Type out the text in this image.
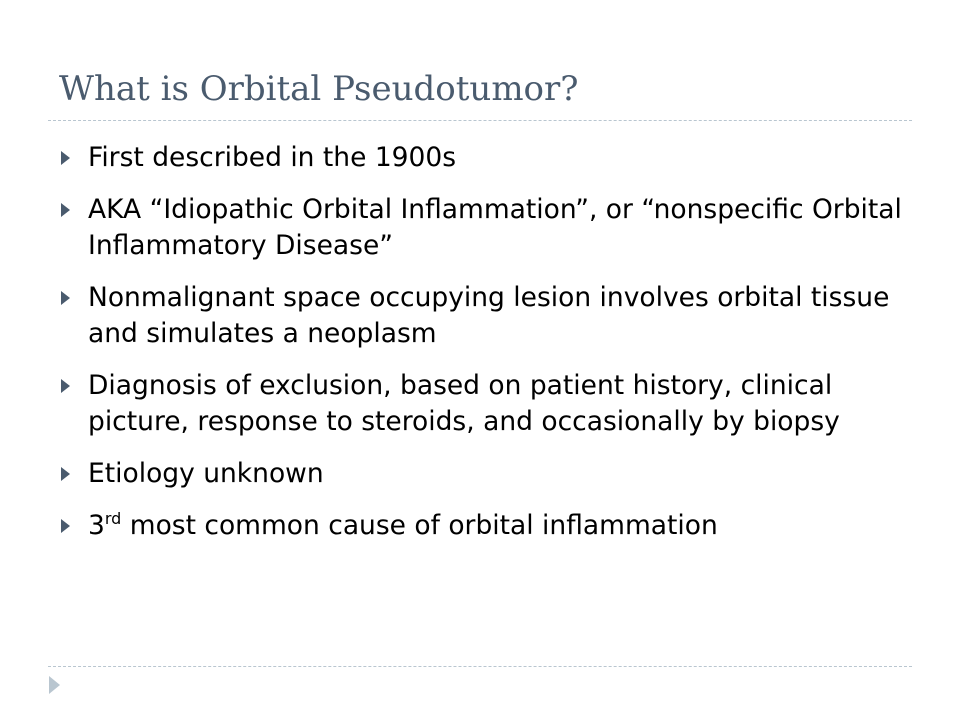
What is Orbital Pseudotumor?
First described in the 1900s
AKA “Idiopathic Orbital Inflammation”, or “nonspecific Orbital Inflammatory Disease”
Nonmalignant space occupying lesion involves orbital tissue and simulates a neoplasm
Diagnosis of exclusion, based on patient history, clinical picture, response to steroids, and occasionally by biopsy
Etiology unknown
3rd most common cause of orbital inflammation
